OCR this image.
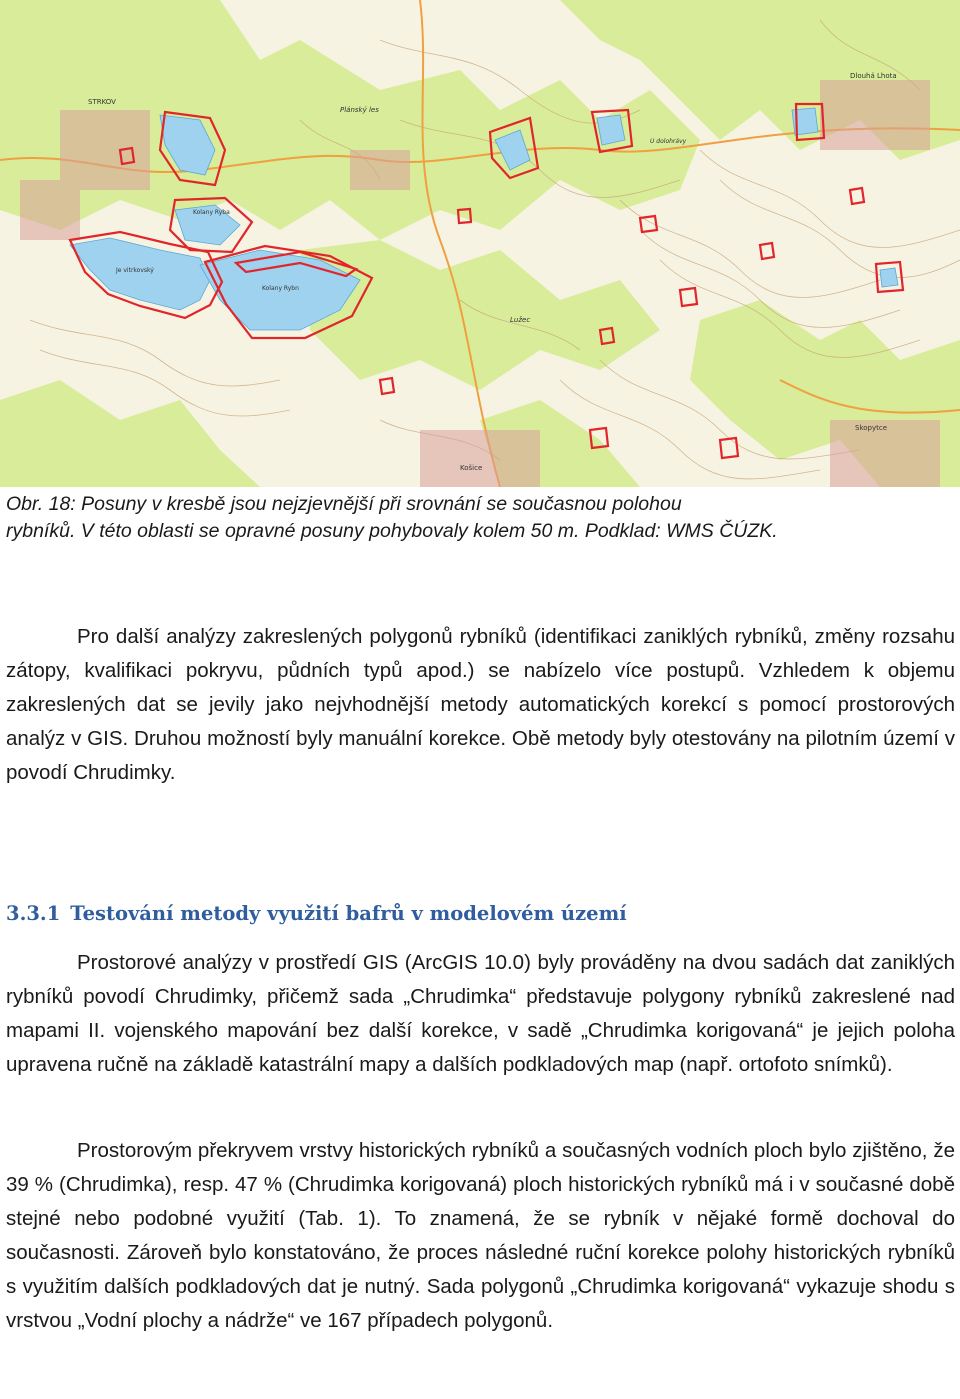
STRKOV
Kolany Ryba
Kolany Rybn
Je vitrkovský
Plánský les
Dlouhá Lhota
Skopytce
Košice
Lužec
U dolohrávy
Obr. 18: Posuny v kresbě jsou nejzjevnější při srovnání se současnou polohou
rybníků. V této oblasti se opravné posuny pohybovaly kolem 50 m. Podklad: WMS ČÚZK.
Pro další analýzy zakreslených polygonů rybníků (identifikaci zaniklých rybníků, změny rozsahu zátopy, kvalifikaci pokryvu, půdních typů apod.) se nabízelo více postupů. Vzhledem k objemu zakreslených dat se jevily jako nejvhodnější metody automatických korekcí s pomocí prostorových analýz v GIS. Druhou možností byly manuální korekce. Obě metody byly otestovány na pilotním území v povodí Chrudimky.
3.3.1 Testování metody využití bafrů v modelovém území
Prostorové analýzy v prostředí GIS (ArcGIS 10.0) byly prováděny na dvou sadách dat zaniklých rybníků povodí Chrudimky, přičemž sada „Chrudimka“ představuje polygony rybníků zakreslené nad mapami II. vojenského mapování bez další korekce, v sadě „Chrudimka korigovaná“ je jejich poloha upravena ručně na základě katastrální mapy a dalších podkladových map (např. ortofoto snímků).
Prostorovým překryvem vrstvy historických rybníků a současných vodních ploch bylo zjištěno, že 39 % (Chrudimka), resp. 47 % (Chrudimka korigovaná) ploch historických rybníků má i v současné době stejné nebo podobné využití (Tab. 1). To znamená, že se rybník v nějaké formě dochoval do současnosti. Zároveň bylo konstatováno, že proces následné ruční korekce polohy historických rybníků s využitím dalších podkladových dat je nutný. Sada polygonů „Chrudimka korigovaná“ vykazuje shodu s vrstvou „Vodní plochy a nádrže“ ve 167 případech polygonů.
